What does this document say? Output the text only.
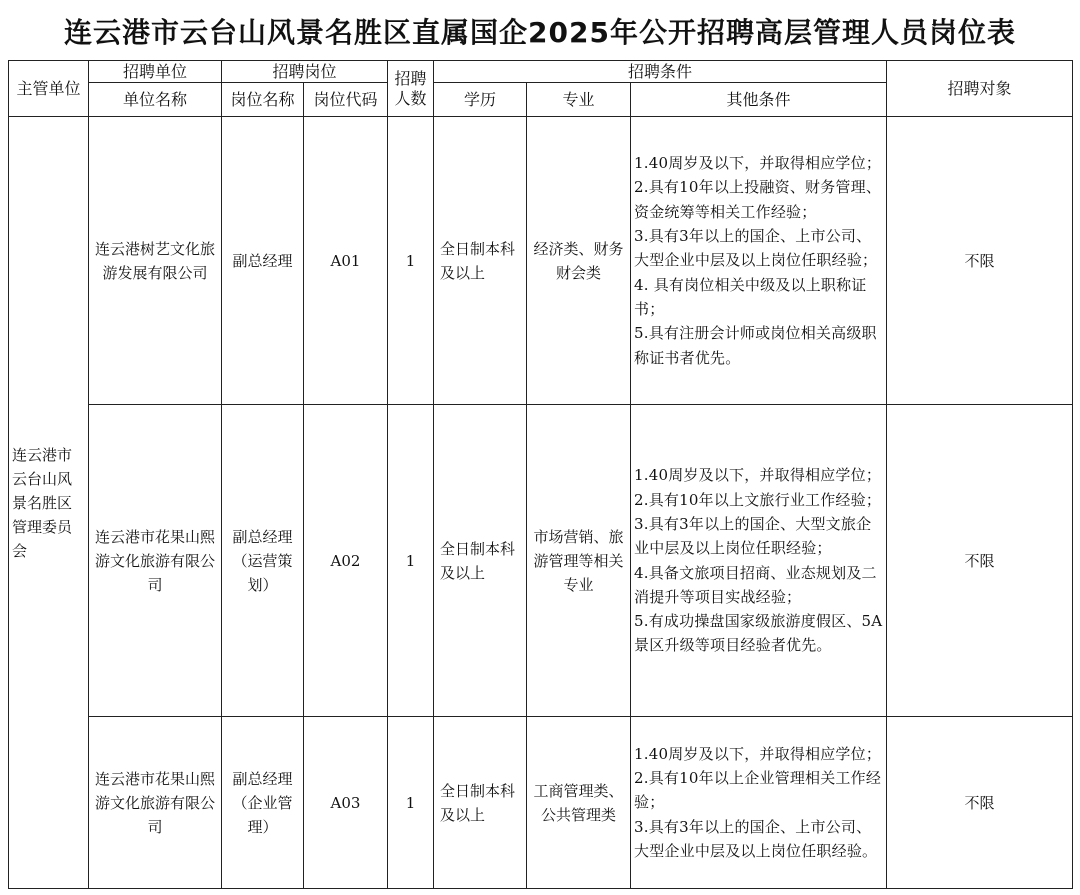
连云港市云台山风景名胜区直属国企2025年公开招聘高层管理人员岗位表
主管单位	招聘单位	招聘岗位		招聘人数	招聘条件			招聘对象
	单位名称	岗位名称	岗位代码		学历	专业	其他条件	
连云港市云台山风景名胜区管理委员会	连云港树艺文化旅游发展有限公司	副总经理	A01	1	全日制本科及以上	经济类、财务财会类	1.40周岁及以下，并取得相应学位；
2.具有10年以上投融资、财务管理、资金统筹等相关工作经验；
3.具有3年以上的国企、上市公司、大型企业中层及以上岗位任职经验；
4. 具有岗位相关中级及以上职称证书；
5.具有注册会计师或岗位相关高级职称证书者优先。	不限
	连云港市花果山熙游文化旅游有限公司	副总经理（运营策划）	A02	1	全日制本科及以上	市场营销、旅游管理等相关专业	1.40周岁及以下，并取得相应学位；
2.具有10年以上文旅行业工作经验；
3.具有3年以上的国企、大型文旅企业中层及以上岗位任职经验；
4.具备文旅项目招商、业态规划及二消提升等项目实战经验；
5.有成功操盘国家级旅游度假区、5A景区升级等项目经验者优先。	不限
	连云港市花果山熙游文化旅游有限公司	副总经理（企业管理）	A03	1	全日制本科及以上	工商管理类、公共管理类	1.40周岁及以下，并取得相应学位；
2.具有10年以上企业管理相关工作经验；
3.具有3年以上的国企、上市公司、大型企业中层及以上岗位任职经验。	不限
